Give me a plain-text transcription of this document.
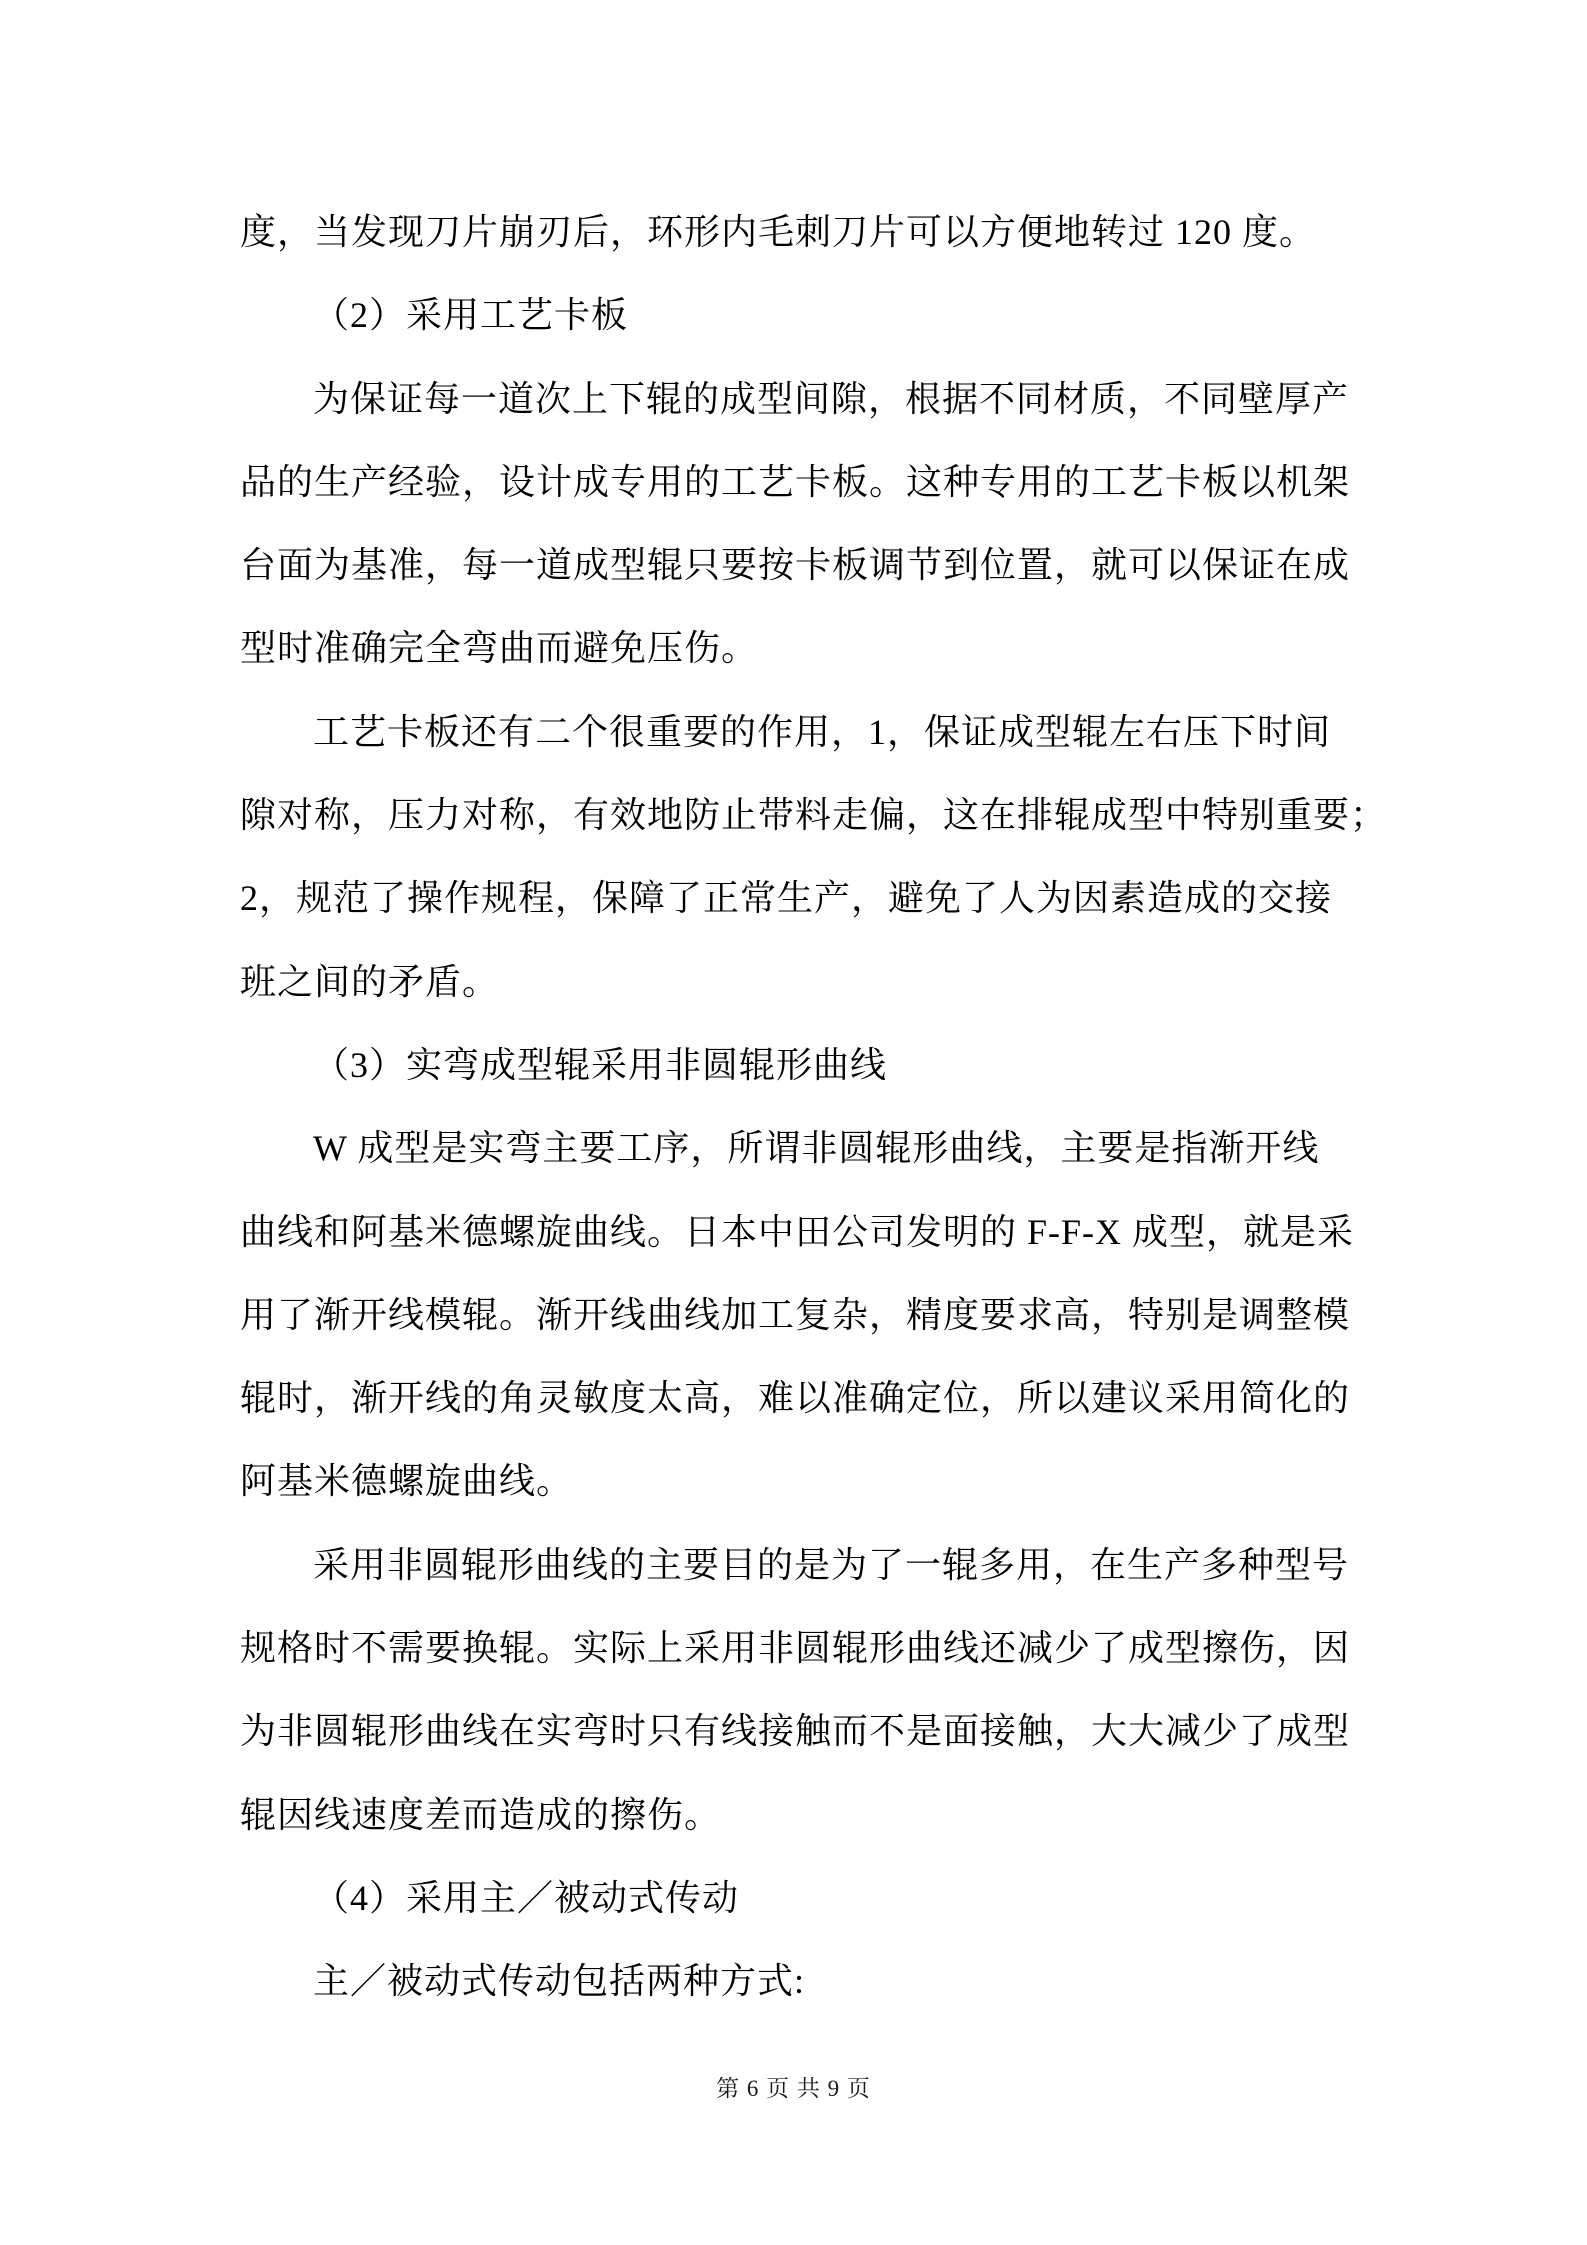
度，当发现刀片崩刃后，环形内毛刺刀片可以方便地转过 120 度。
（2）采用工艺卡板
为保证每一道次上下辊的成型间隙，根据不同材质，不同壁厚产
品的生产经验，设计成专用的工艺卡板。这种专用的工艺卡板以机架
台面为基准，每一道成型辊只要按卡板调节到位置，就可以保证在成
型时准确完全弯曲而避免压伤。
工艺卡板还有二个很重要的作用，1，保证成型辊左右压下时间
隙对称，压力对称，有效地防止带料走偏，这在排辊成型中特别重要；
2，规范了操作规程，保障了正常生产，避免了人为因素造成的交接
班之间的矛盾。
（3）实弯成型辊采用非圆辊形曲线
W 成型是实弯主要工序，所谓非圆辊形曲线，主要是指渐开线
曲线和阿基米德螺旋曲线。日本中田公司发明的 F-F-X 成型，就是采
用了渐开线模辊。渐开线曲线加工复杂，精度要求高，特别是调整模
辊时，渐开线的角灵敏度太高，难以准确定位，所以建议采用简化的
阿基米德螺旋曲线。
采用非圆辊形曲线的主要目的是为了一辊多用，在生产多种型号
规格时不需要换辊。实际上采用非圆辊形曲线还减少了成型擦伤，因
为非圆辊形曲线在实弯时只有线接触而不是面接触，大大减少了成型
辊因线速度差而造成的擦伤。
（4）采用主／被动式传动
主／被动式传动包括两种方式:
第 6 页 共 9 页
